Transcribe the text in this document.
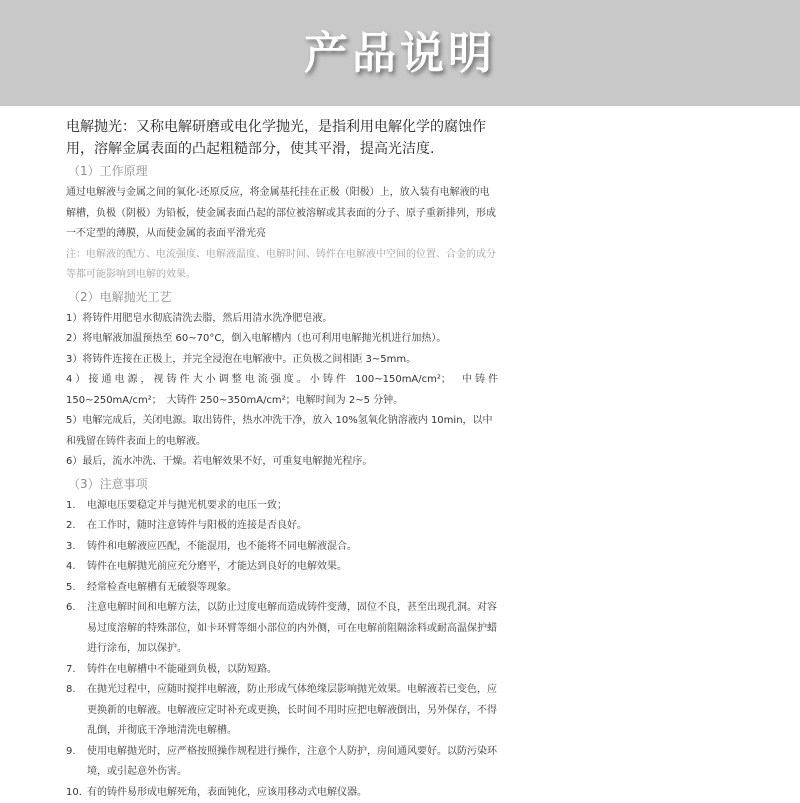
产品说明

电解抛光：又称电解研磨或电化学抛光，是指利用电解化学的腐蚀作用，溶解金属表面的凸起粗糙部分，使其平滑，提高光洁度.

（1）工作原理

通过电解液与金属之间的氧化-还原反应，将金属基托挂在正极（阳极）上，放入装有电解液的电解槽，负极（阴极）为铅板，使金属表面凸起的部位被溶解或其表面的分子、原子重新排列，形成一不定型的薄膜，从而使金属的表面平滑光亮

注：电解液的配方、电流强度、电解液温度、电解时间、铸件在电解液中空间的位置、合金的成分等都可能影响到电解的效果。

（2）电解抛光工艺

1）将铸件用肥皂水彻底清洗去脂，然后用清水洗净肥皂液。

2）将电解液加温预热至 60~70°C，倒入电解槽内（也可利用电解抛光机进行加热）。

3）将铸件连接在正极上，并完全浸泡在电解液中。正负极之间相距 3~5mm。

4）接通电源，视铸件大小调整电流强度。小铸件 100~150mA/cm²；　中铸件 150~250mA/cm²；　大铸件 250~350mA/cm²；电解时间为 2~5 分钟。

5）电解完成后，关闭电源。取出铸件，热水冲洗干净，放入 10%氢氧化钠溶液内 10min，以中和残留在铸件表面上的电解液。

6）最后，流水冲洗、干燥。若电解效果不好，可重复电解抛光程序。

（3）注意事项
1.	电源电压要稳定并与抛光机要求的电压一致；
2.	在工作时，随时注意铸件与阳极的连接是否良好。
3.	铸件和电解液应匹配，不能混用，也不能将不同电解液混合。
4.	铸件在电解抛光前应充分磨平，才能达到良好的电解效果。
5.	经常检查电解槽有无破裂等现象。
6.	注意电解时间和电解方法，以防止过度电解而造成铸件变薄，固位不良，甚至出现孔洞。对容易过度溶解的特殊部位，如卡环臂等细小部位的内外侧，可在电解前阻隔涂料或耐高温保护蜡进行涂布，加以保护。
7.	铸件在电解槽中不能碰到负极，以防短路。
8.	在抛光过程中，应随时搅拌电解液，防止形成气体绝缘层影响抛光效果。电解液若已变色，应更换新的电解液。电解液应定时补充或更换，长时间不用时应把电解液倒出，另外保存，不得乱倒，并彻底干净地清洗电解槽。
9.	使用电解抛光时，应严格按照操作规程进行操作，注意个人防护，房间通风要好。以防污染环境，或引起意外伤害。
10. 有的铸件易形成电解死角，表面钝化，应该用移动式电解仪器。
